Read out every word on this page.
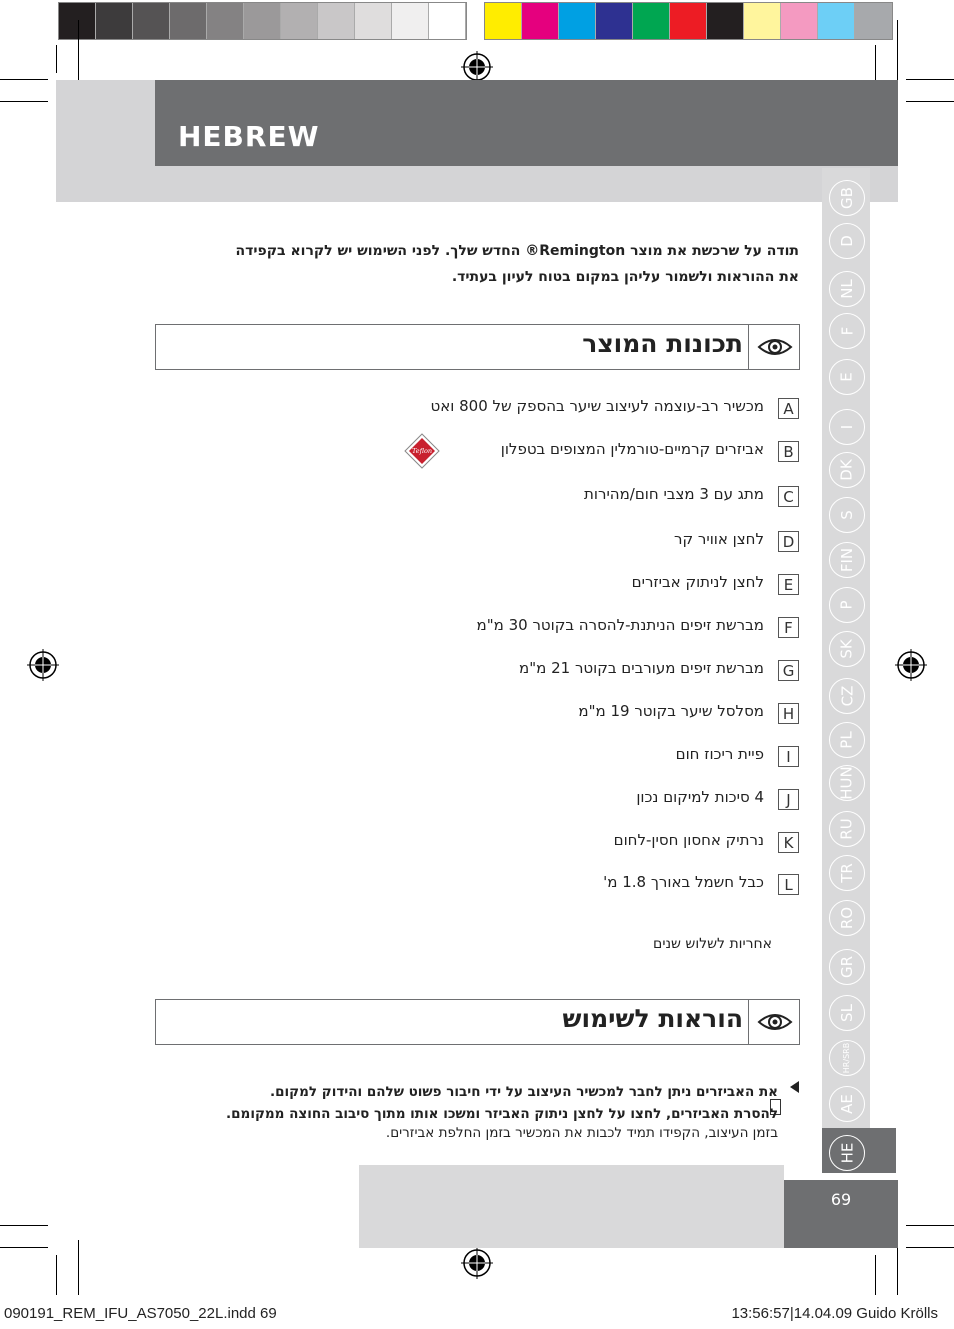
HEBREW
GB
D
NL
F
E
I
DK
S
FIN
P
SK
CZ
PL
HUN
RU
TR
RO
GR
SL
HR/SRB
AE
HE
תודה על שרכשת את מוצר Remington® החדש שלך. לפני השימוש יש לקרוא בקפידה
את ההוראות ולשמור עליהן במקום בטוח לעיון בעתיד.
תכונות המוצר
A
מכשיר רב-עוצמה לעיצוב שיער בהספק של 800 ואט
B
אביזרים קרמיים-טורמלין המצופים בטפלון
C
מתג עם 3 מצבי חום/מהירות
D
לחצן אוויר קר
E
לחצן לניתוק אביזרים
F
מברשת זיפים הניתנת-להסרה בקוטר 30 מ"מ
G
מברשת זיפים מעורבים בקוטר 21 מ"מ
H
מסלסל שיער בקוטר 19 מ"מ
I
פיית ריכוז חום
J
4 סיכות למיקום נכון
K
נרתיק אחסון חסין-לחום
L
כבל חשמל באורך 1.8 מ'
Teflon
אחריות לשלוש שנים
הוראות לשימוש
את האביזרים ניתן לחבר למכשיר העיצוב על ידי חיבור פשוט שלהם והידוק למקום.
להסרת האביזרים, לחצו על לחצן ניתוק האביזר ומשכו אותו מתוך סיבוב החוצה ממקומם.
בזמן העיצוב, הקפידו תמיד לכבות את המכשיר בזמן החלפת אביזרים.
69
090191_REM_IFU_AS7050_22L.indd 69	13:56:57|14.04.09 Guido Krölls
